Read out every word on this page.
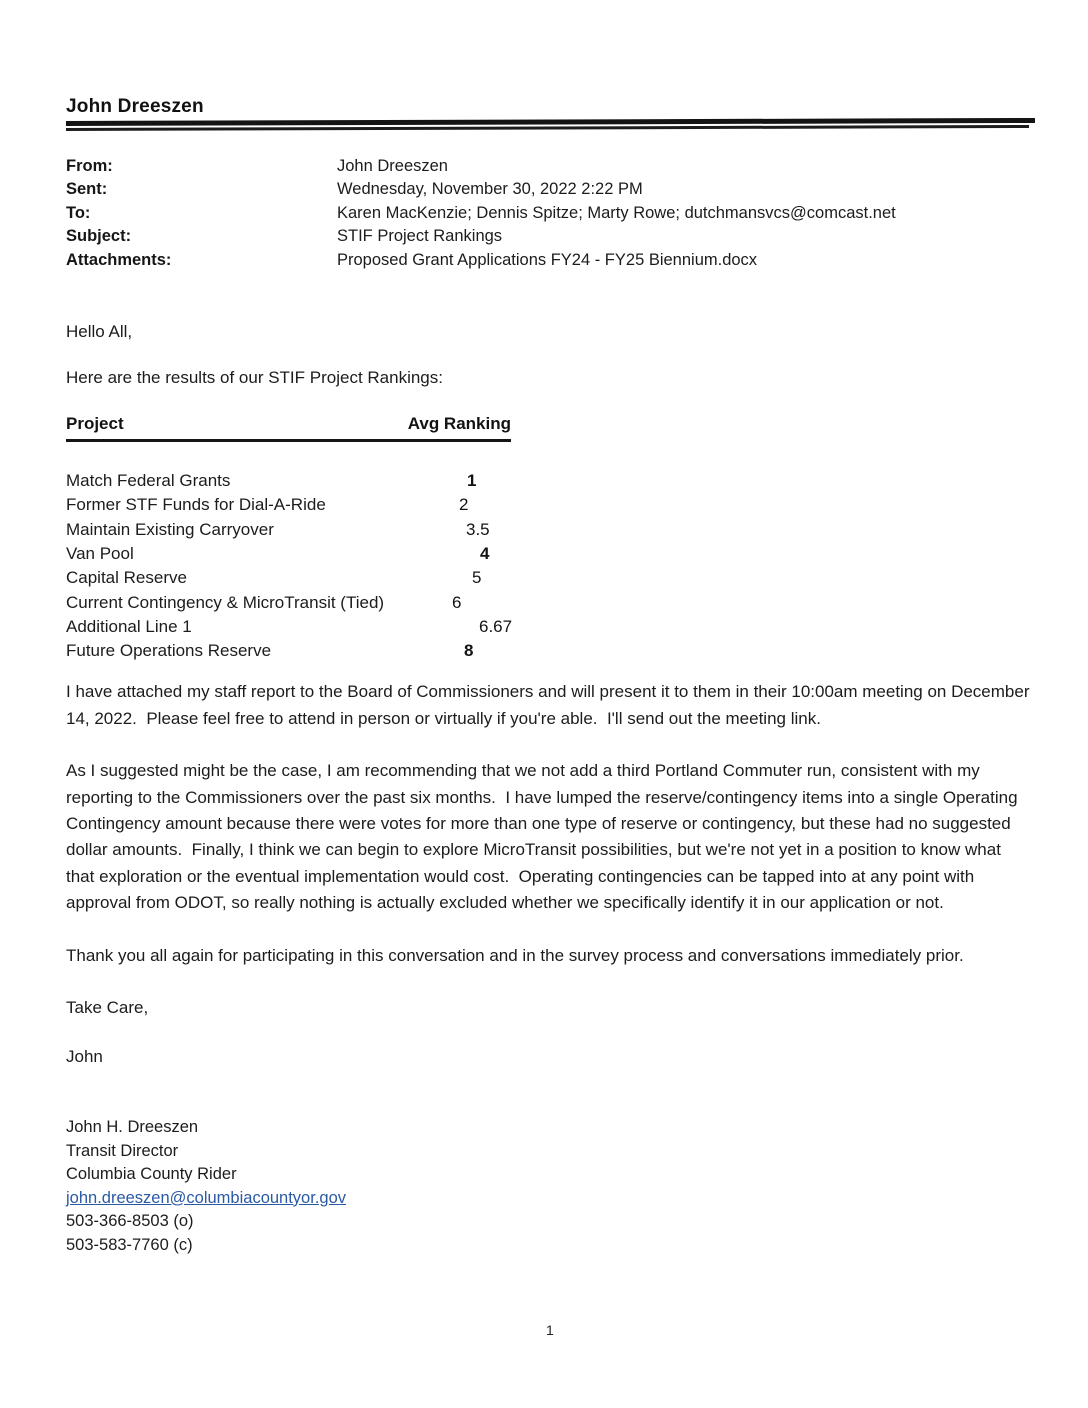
John Dreeszen
From:	John Dreeszen
Sent:	Wednesday, November 30, 2022 2:22 PM
To:	Karen MacKenzie; Dennis Spitze; Marty Rowe; dutchmansvcs@comcast.net
Subject:	STIF Project Rankings
Attachments:	Proposed Grant Applications FY24 - FY25 Biennium.docx
Hello All,
Here are the results of our STIF Project Rankings:
Project	Avg Ranking
Match Federal Grants	1
Former STF Funds for Dial-A-Ride	2
Maintain Existing Carryover	3.5
Van Pool	4
Capital Reserve	5
Current Contingency & MicroTransit (Tied)	6
Additional Line 1	6.67
Future Operations Reserve	8
I have attached my staff report to the Board of Commissioners and will present it to them in their 10:00am meeting on December 14, 2022.  Please feel free to attend in person or virtually if you're able.  I'll send out the meeting link.
As I suggested might be the case, I am recommending that we not add a third Portland Commuter run, consistent with my reporting to the Commissioners over the past six months.  I have lumped the reserve/contingency items into a single Operating Contingency amount because there were votes for more than one type of reserve or contingency, but these had no suggested dollar amounts.  Finally, I think we can begin to explore MicroTransit possibilities, but we're not yet in a position to know what that exploration or the eventual implementation would cost.  Operating contingencies can be tapped into at any point with approval from ODOT, so really nothing is actually excluded whether we specifically identify it in our application or not.
Thank you all again for participating in this conversation and in the survey process and conversations immediately prior.
Take Care,
John
John H. Dreeszen
Transit Director
Columbia County Rider
john.dreeszen@columbiacountyor.gov
503-366-8503 (o)
503-583-7760 (c)
1
